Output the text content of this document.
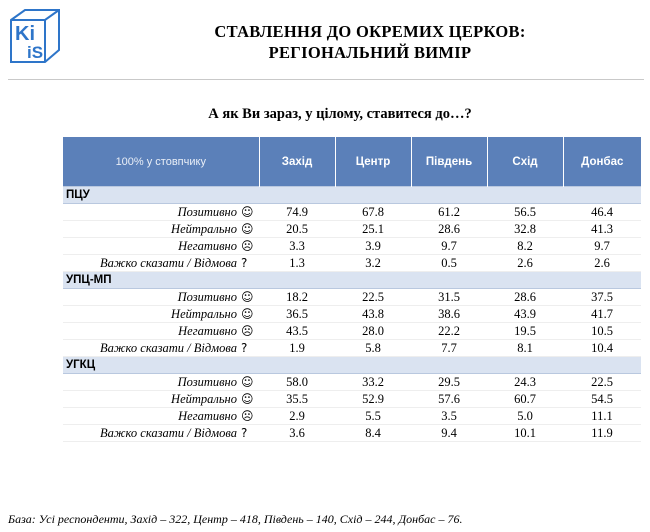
Ki
iS
СТАВЛЕННЯ ДО ОКРЕМИХ ЦЕРКОВ:
РЕГІОНАЛЬНИЙ ВИМІР
А як Ви зараз, у цілому, ставитеся до…?
100% у стовпчику		Захід	Центр	Південь	Схід	Донбас
ПЦУ						
Позитивно	☺	74.9	67.8	61.2	56.5	46.4
Нейтрально	☺	20.5	25.1	28.6	32.8	41.3
Негативно	☹	3.3	3.9	9.7	8.2	9.7
Важко сказати / Відмова	?	1.3	3.2	0.5	2.6	2.6
УПЦ-МП						
Позитивно	☺	18.2	22.5	31.5	28.6	37.5
Нейтрально	☺	36.5	43.8	38.6	43.9	41.7
Негативно	☹	43.5	28.0	22.2	19.5	10.5
Важко сказати / Відмова	?	1.9	5.8	7.7	8.1	10.4
УГКЦ						
Позитивно	☺	58.0	33.2	29.5	24.3	22.5
Нейтрально	☺	35.5	52.9	57.6	60.7	54.5
Негативно	☹	2.9	5.5	3.5	5.0	11.1
Важко сказати / Відмова	?	3.6	8.4	9.4	10.1	11.9
База: Усі респонденти, Захід – 322, Центр – 418, Південь – 140, Схід – 244, Донбас – 76.
